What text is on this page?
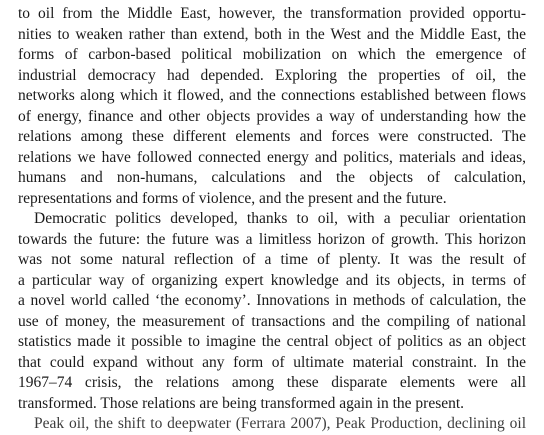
to oil from the Middle East, however, the transformation provided opportu-
nities to weaken rather than extend, both in the West and the Middle East, the
forms of carbon-based political mobilization on which the emergence of
industrial democracy had depended. Exploring the properties of oil, the
networks along which it flowed, and the connections established between flows
of energy, finance and other objects provides a way of understanding how the
relations among these different elements and forces were constructed. The
relations we have followed connected energy and politics, materials and ideas,
humans and non-humans, calculations and the objects of calculation,
representations and forms of violence, and the present and the future.
Democratic politics developed, thanks to oil, with a peculiar orientation
towards the future: the future was a limitless horizon of growth. This horizon
was not some natural reflection of a time of plenty. It was the result of
a particular way of organizing expert knowledge and its objects, in terms of
a novel world called ‘the economy’. Innovations in methods of calculation, the
use of money, the measurement of transactions and the compiling of national
statistics made it possible to imagine the central object of politics as an object
that could expand without any form of ultimate material constraint. In the
1967–74 crisis, the relations among these disparate elements were all
transformed. Those relations are being transformed again in the present.
Peak oil, the shift to deepwater (Ferrara 2007), Peak Production, declining oil
